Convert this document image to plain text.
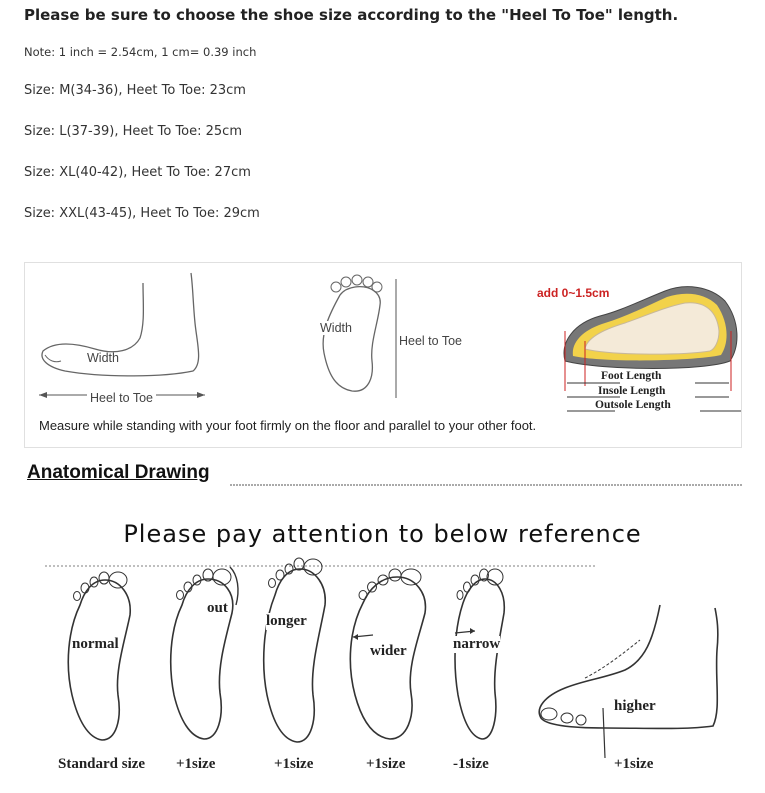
Please be sure to choose the shoe size according to the "Heel To Toe" length.
Note: 1 inch = 2.54cm, 1 cm= 0.39 inch
Size: M(34-36), Heet To Toe: 23cm
Size: L(37-39), Heet To Toe: 25cm
Size: XL(40-42), Heet To Toe: 27cm
Size: XXL(43-45), Heet To Toe: 29cm
Width
Heel to Toe
Width
Heel to Toe
add 0~1.5cm
Foot Length
Insole Length
Outsole Length
Measure while standing with your foot firmly on the floor and parallel to your other foot.
Anatomical Drawing
Please pay attention to below reference
normal
out
longer
wider	narrow
higher
Standard size +1size	+1size	+1size	-1size	+1size
